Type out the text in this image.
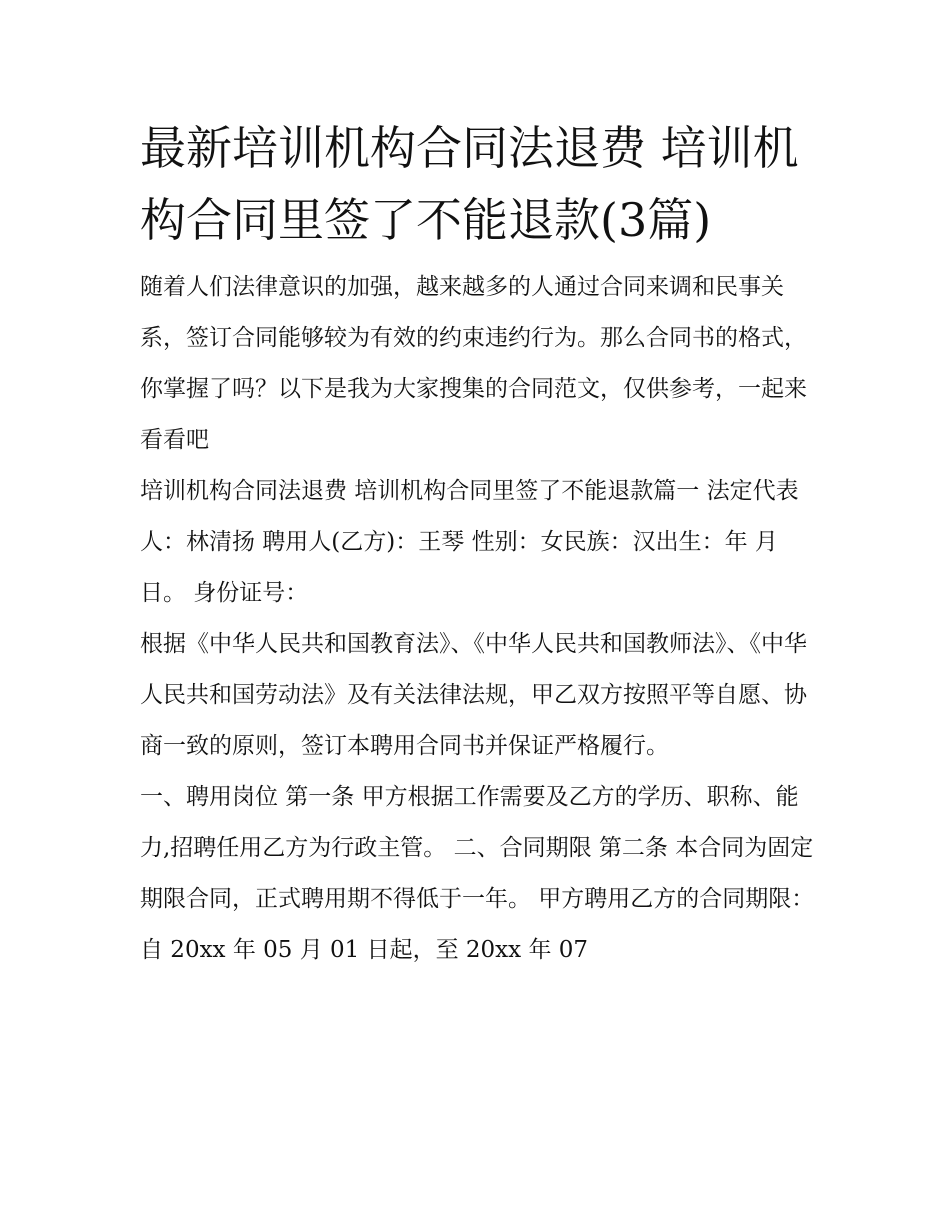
最新培训机构合同法退费 培训机构合同里签了不能退款(3篇)

随着人们法律意识的加强，越来越多的人通过合同来调和民事关系，签订合同能够较为有效的约束违约行为。那么合同书的格式，你掌握了吗？以下是我为大家搜集的合同范文，仅供参考，一起来看看吧

培训机构合同法退费 培训机构合同里签了不能退款篇一 法定代表人：林清扬 聘用人(乙方)：王琴 性别：女民族：汉出生：年 月 日。 身份证号：

根据《中华人民共和国教育法》、《中华人民共和国教师法》、《中华人民共和国劳动法》及有关法律法规，甲乙双方按照平等自愿、协商一致的原则，签订本聘用合同书并保证严格履行。

一、聘用岗位 第一条 甲方根据工作需要及乙方的学历、职称、能力,招聘任用乙方为行政主管。 二、合同期限 第二条 本合同为固定期限合同，正式聘用期不得低于一年。 甲方聘用乙方的合同期限：自 20xx 年 05 月 01 日起，至 20xx 年 07
